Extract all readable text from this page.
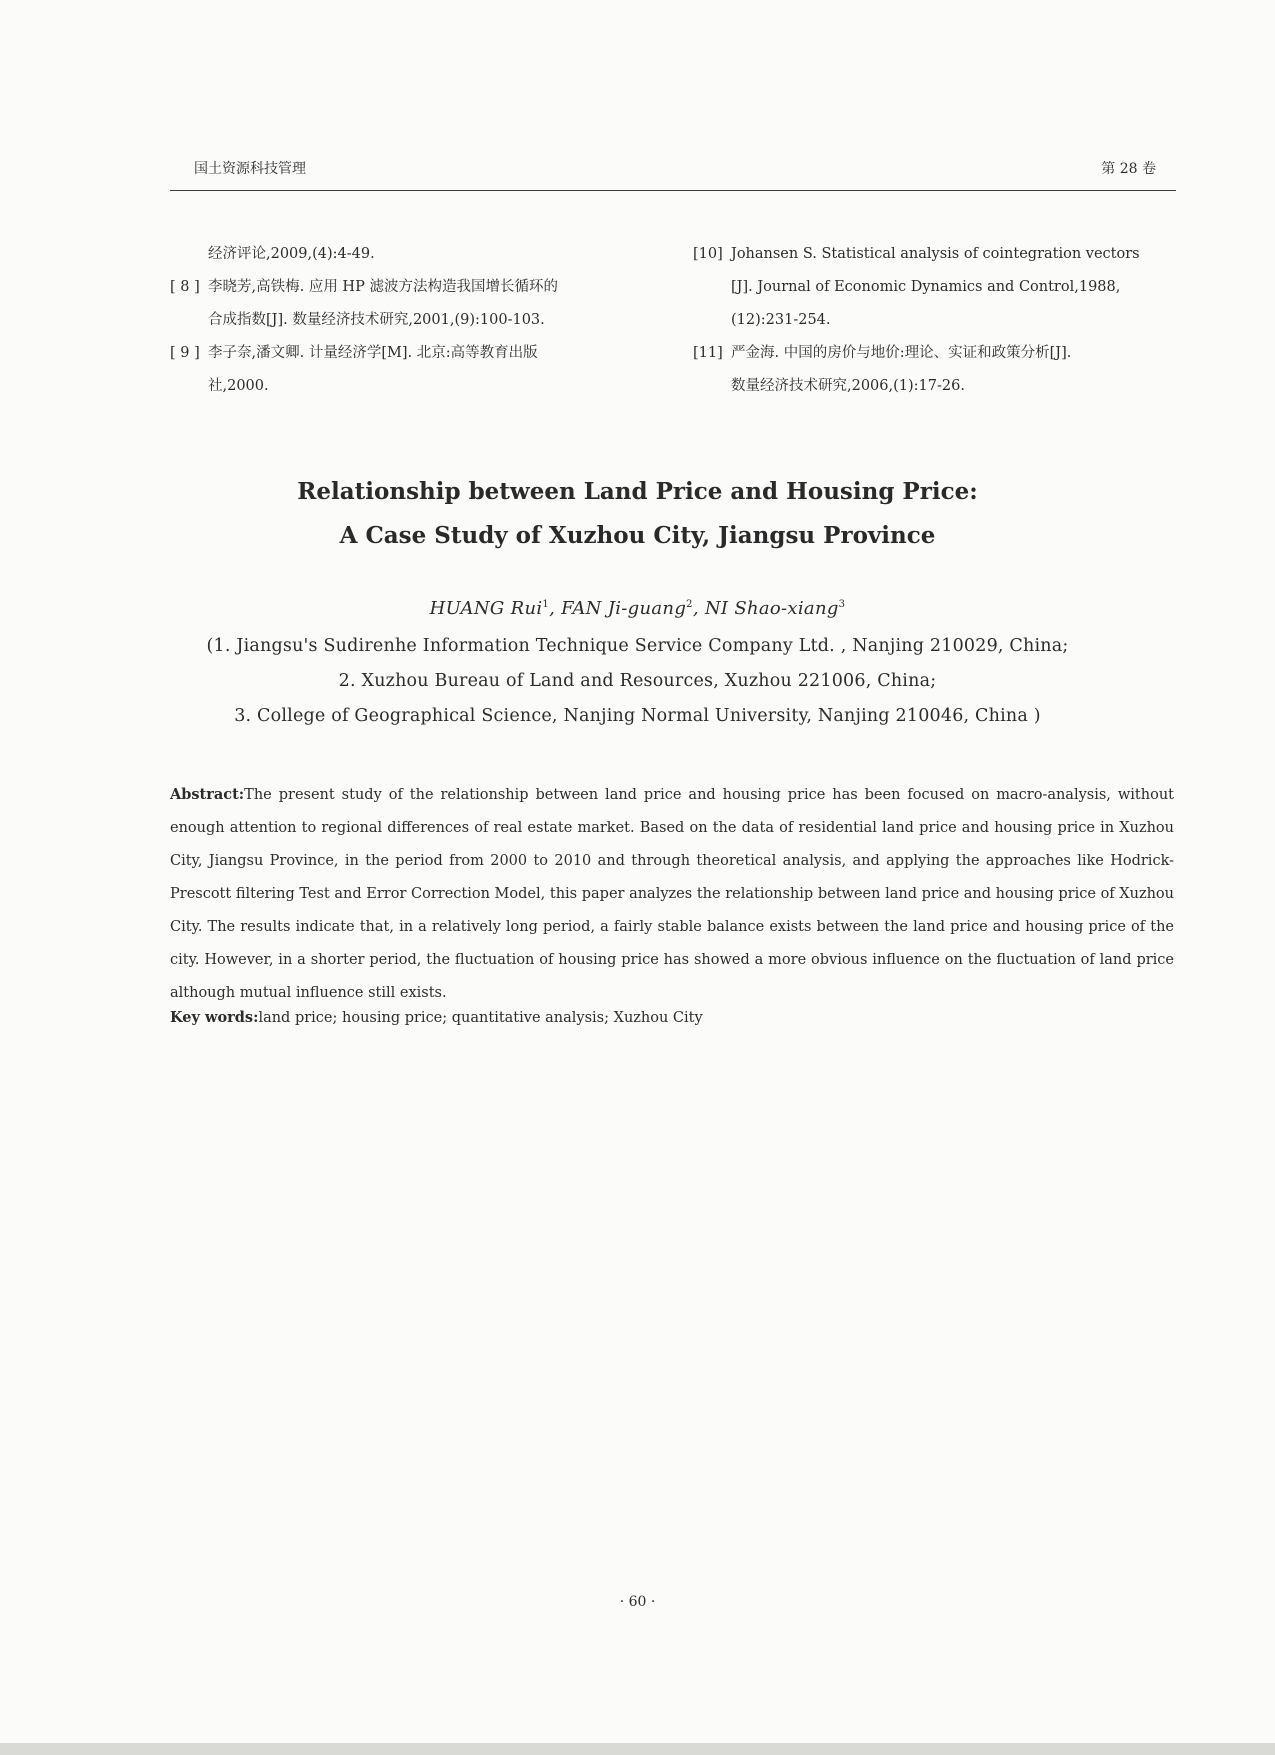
国土资源科技管理	第 28 卷
经济评论,2009,(4):4-49.
[ 8 ] 李晓芳,高铁梅. 应用 HP 滤波方法构造我国增长循环的
合成指数[J]. 数量经济技术研究,2001,(9):100-103.
[ 9 ] 李子奈,潘文卿. 计量经济学[M]. 北京:高等教育出版
社,2000.
[10] Johansen S. Statistical analysis of cointegration vectors
[J]. Journal of Economic Dynamics and Control,1988,
(12):231-254.
[11] 严金海. 中国的房价与地价:理论、实证和政策分析[J].
数量经济技术研究,2006,(1):17-26.
Relationship between Land Price and Housing Price:
A Case Study of Xuzhou City, Jiangsu Province
HUANG Rui$^1$, FAN Ji-guang$^2$, NI Shao-xiang$^3$
(1. Jiangsu's Sudirenhe Information Technique Service Company Ltd. , Nanjing 210029, China;
2. Xuzhou Bureau of Land and Resources, Xuzhou 221006, China;
3. College of Geographical Science, Nanjing Normal University, Nanjing 210046, China )
Abstract:The present study of the relationship between land price and housing price has been focused on macro-analysis, without enough attention to regional differences of real estate market. Based on the data of residential land price and housing price in Xuzhou City, Jiangsu Province, in the period from 2000 to 2010 and through theoretical analysis, and applying the approaches like Hodrick-Prescott filtering Test and Error Correction Model, this paper analyzes the relationship between land price and housing price of Xuzhou City. The results indicate that, in a relatively long period, a fairly stable balance exists between the land price and housing price of the city. However, in a shorter period, the fluctuation of housing price has showed a more obvious influence on the fluctuation of land price although mutual influence still exists.
Key words:land price; housing price; quantitative analysis; Xuzhou City
· 60 ·
